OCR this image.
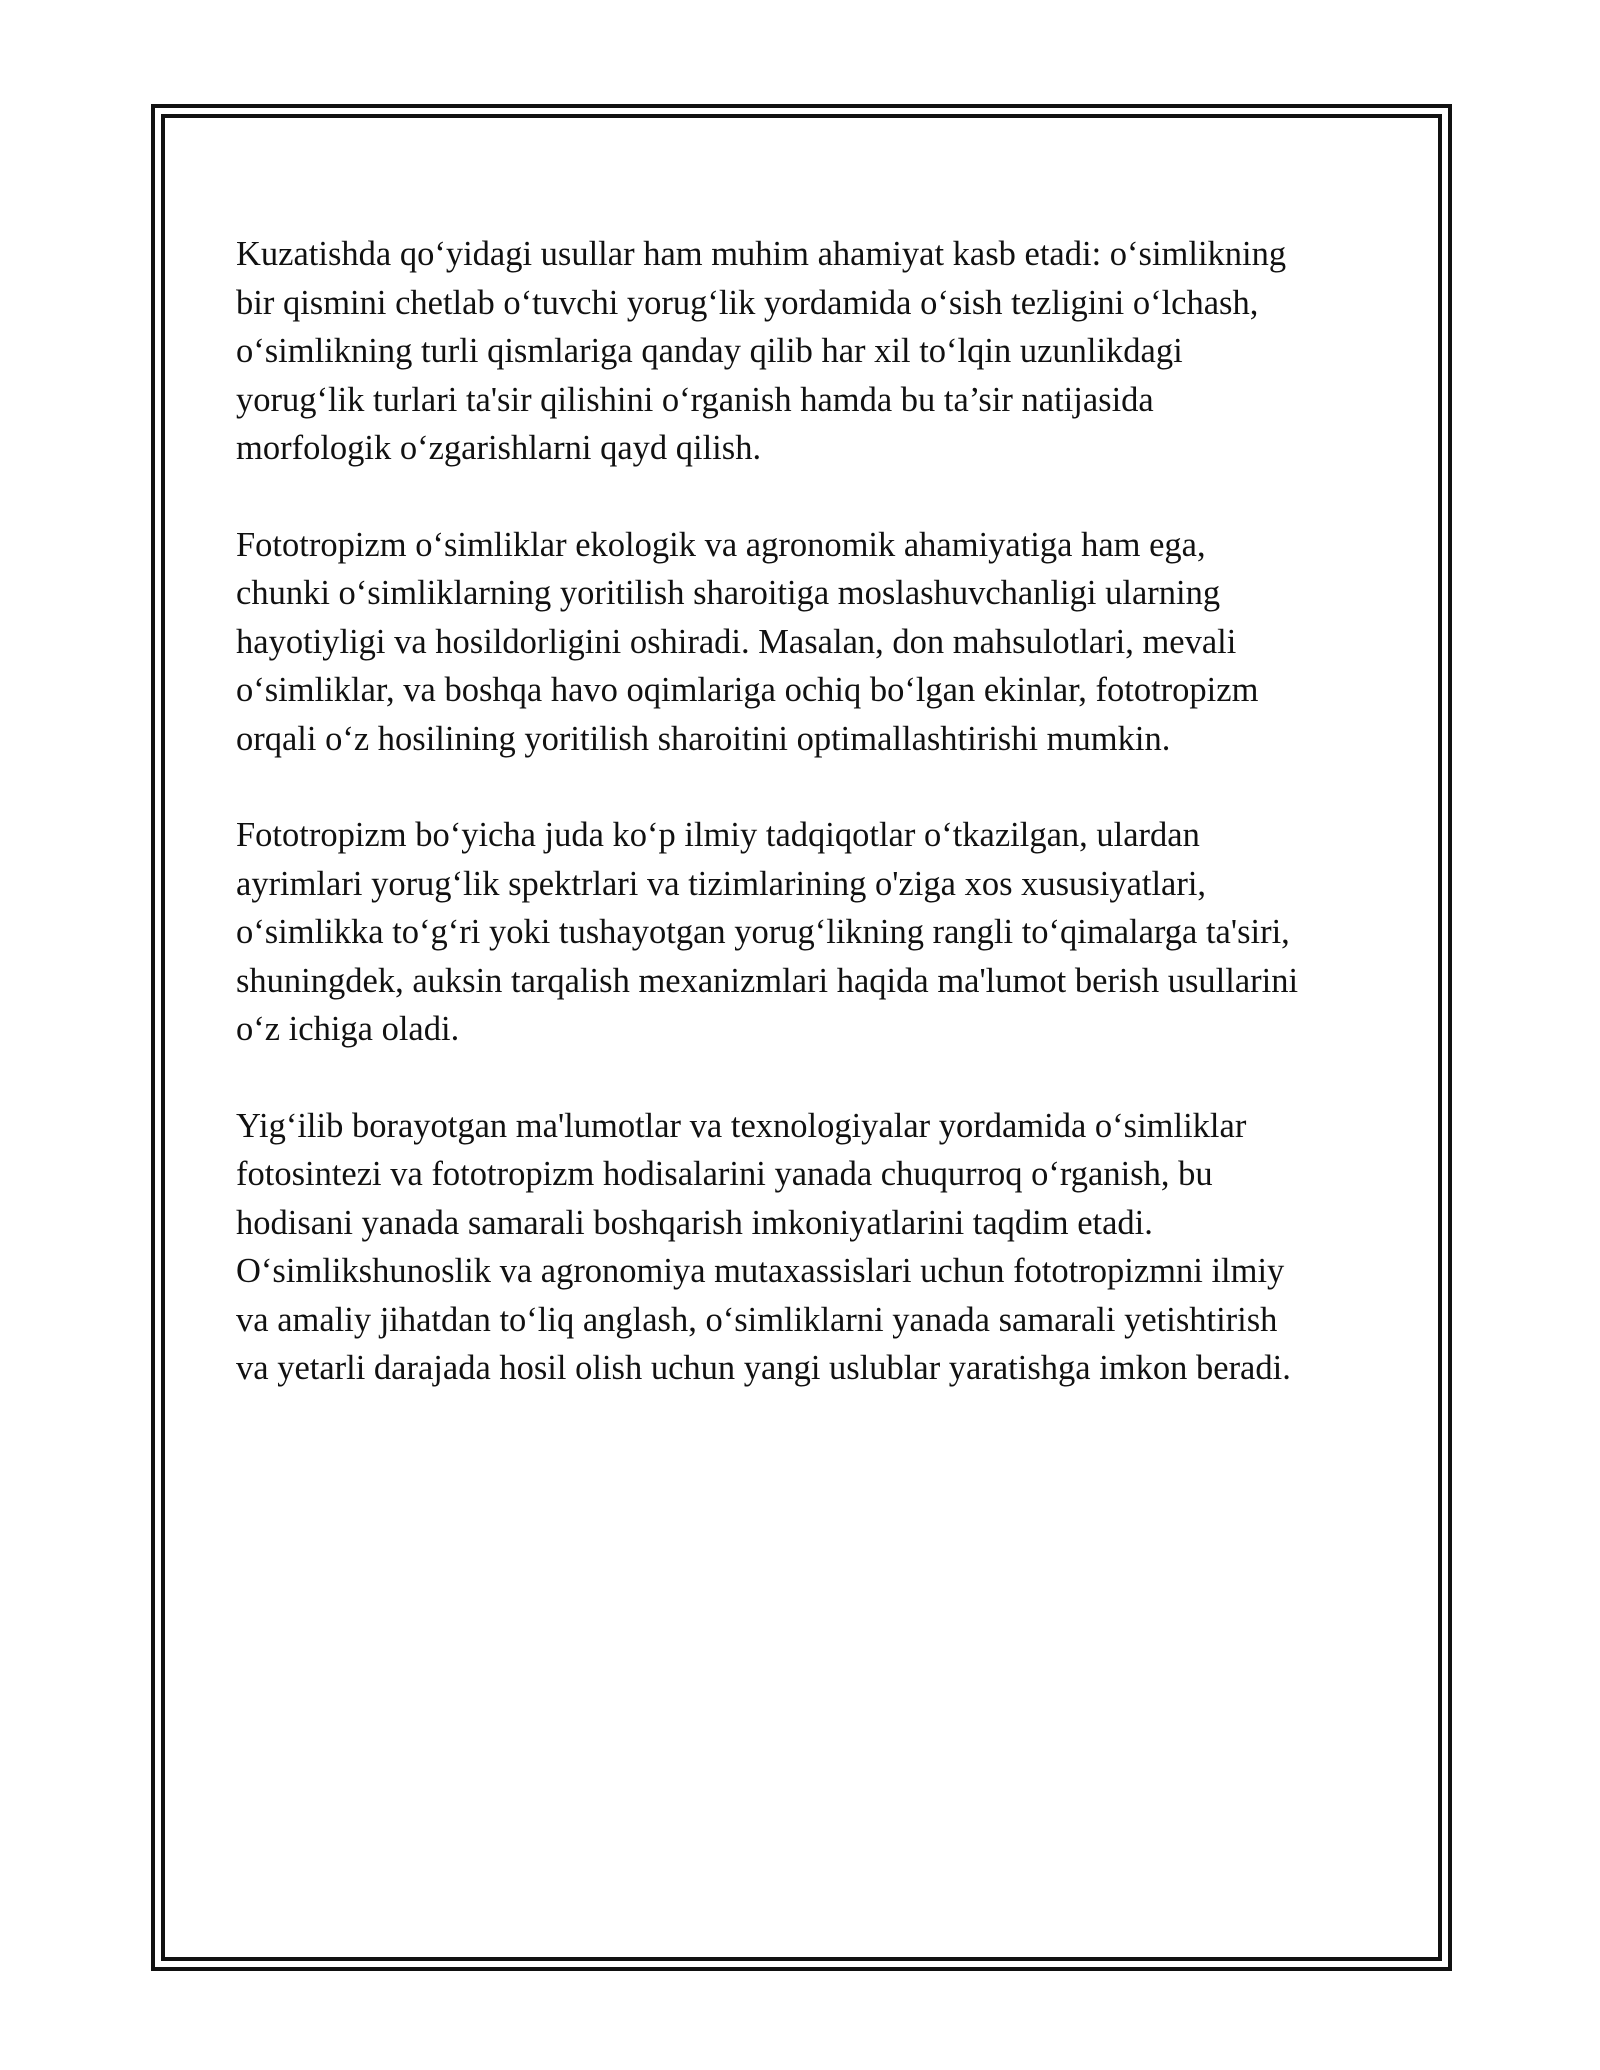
Kuzatishda qo‘yidagi usullar ham muhim ahamiyat kasb etadi: o‘simlikning
bir qismini chetlab o‘tuvchi yorug‘lik yordamida o‘sish tezligini o‘lchash,
o‘simlikning turli qismlariga qanday qilib har xil to‘lqin uzunlikdagi
yorug‘lik turlari ta'sir qilishini o‘rganish hamda bu ta’sir natijasida
morfologik o‘zgarishlarni qayd qilish.

Fototropizm o‘simliklar ekologik va agronomik ahamiyatiga ham ega,
chunki o‘simliklarning yoritilish sharoitiga moslashuvchanligi ularning
hayotiyligi va hosildorligini oshiradi. Masalan, don mahsulotlari, mevali
o‘simliklar, va boshqa havo oqimlariga ochiq bo‘lgan ekinlar, fototropizm
orqali o‘z hosilining yoritilish sharoitini optimallashtirishi mumkin.

Fototropizm bo‘yicha juda ko‘p ilmiy tadqiqotlar o‘tkazilgan, ulardan
ayrimlari yorug‘lik spektrlari va tizimlarining o'ziga xos xususiyatlari,
o‘simlikka to‘g‘ri yoki tushayotgan yorug‘likning rangli to‘qimalarga ta'siri,
shuningdek, auksin tarqalish mexanizmlari haqida ma'lumot berish usullarini
o‘z ichiga oladi.

Yig‘ilib borayotgan ma'lumotlar va texnologiyalar yordamida o‘simliklar
fotosintezi va fototropizm hodisalarini yanada chuqurroq o‘rganish, bu
hodisani yanada samarali boshqarish imkoniyatlarini taqdim etadi.
O‘simlikshunoslik va agronomiya mutaxassislari uchun fototropizmni ilmiy
va amaliy jihatdan to‘liq anglash, o‘simliklarni yanada samarali yetishtirish
va yetarli darajada hosil olish uchun yangi uslublar yaratishga imkon beradi.
